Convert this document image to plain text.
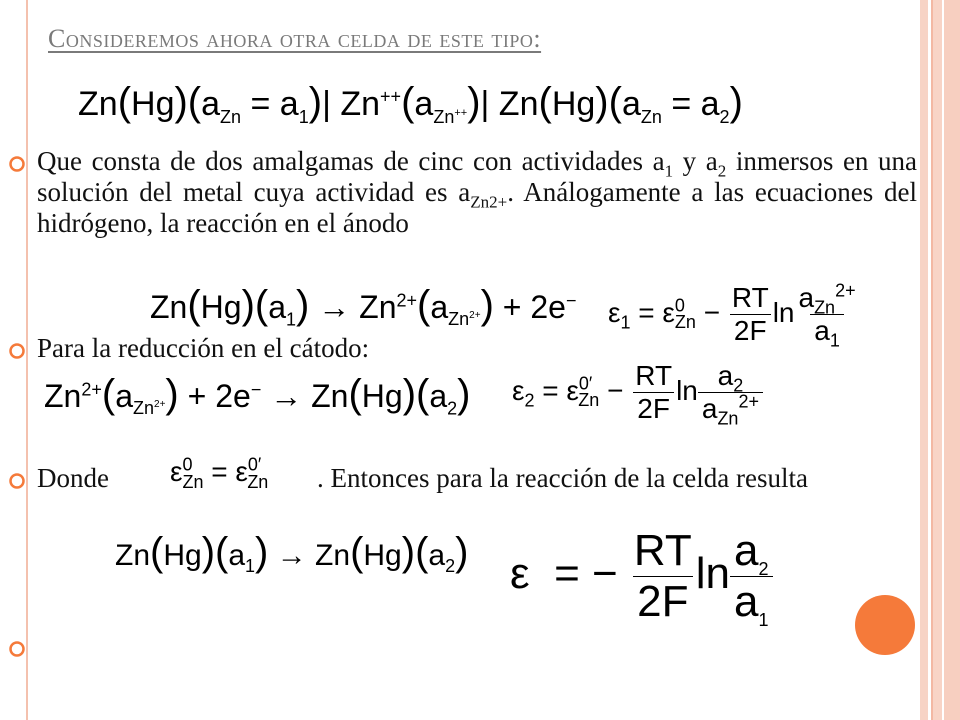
Consideremos ahora otra celda de este tipo:
$Zn(Hg)(a_{Zn} = a_1)|$ $Zn^{++}(a_{Zn^{++}})|$ $Zn(Hg)(a_{Zn} = a_2)$

Que consta de dos amalgamas de cinc con actividades $a_1$ y $a_2$ inmersos en una solución del metal cuya actividad es $a_{Zn2+}$. Análogamente a las ecuaciones del hidrógeno, la reacción en el ánodo

$Zn(Hg)(a_1) \to Zn^{2+}(a_{Zn^{2+}}) + 2e^-$ $\varepsilon_1 = \varepsilon^0_{Zn} - \frac{RT}{2F}$ $\ln \frac{a_{Zn}^{2+}}{a_1}$

Para la reducción en el cátodo:

$Zn^{2+}(a_{Zn^{2+}}) + 2e^- \to Zn(Hg)(a_2) \varepsilon_2 = \varepsilon^{0'}_{Zn} - \frac{RT}{2F}$ $\ln \frac{a_2}{a_{Zn}^{2+}}$

Donde	. Entonces para la reacción de la celda resulta

$\varepsilon^0_{Zn} = \varepsilon^{0'}_{Zn}$
$Zn(Hg)(a_1) \to Zn(Hg)(a_2) \varepsilon$  = − $\frac{RT}{2F}$ $\ln \frac{a_2}{a_1}$
